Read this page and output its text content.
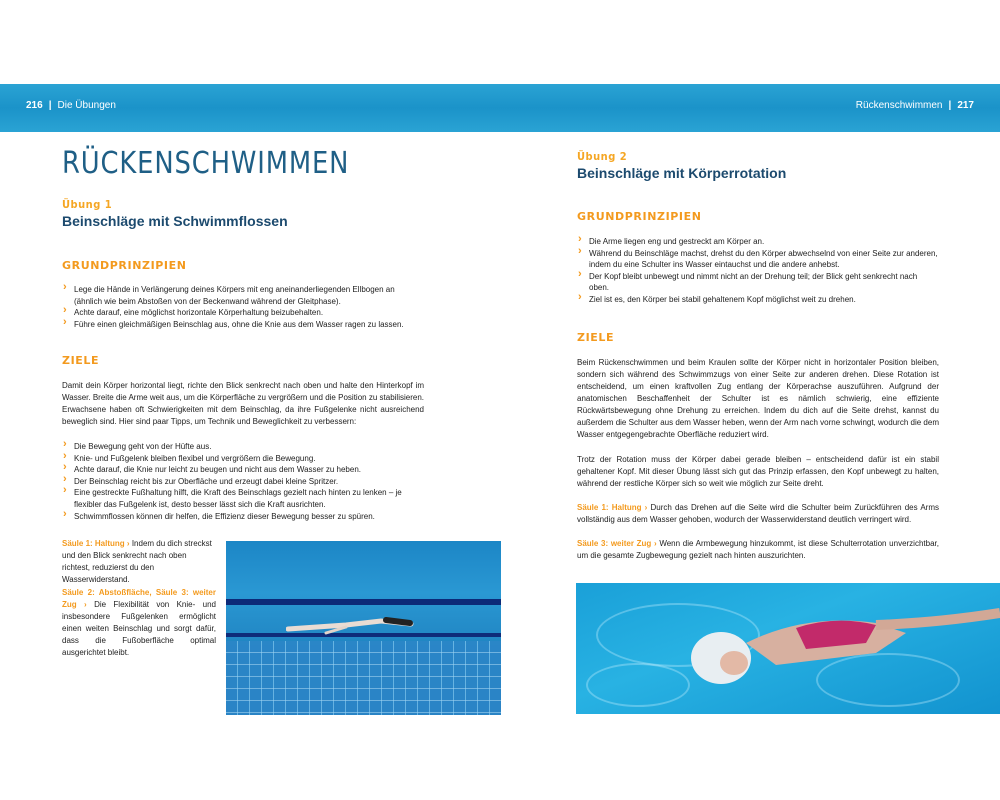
216 | Die Übungen	Rückenschwimmen | 217
RÜCKENSCHWIMMEN
Übung 1
Beinschläge mit Schwimmflossen
GRUNDPRINZIPIEN
› Lege die Hände in Verlängerung deines Körpers mit eng aneinanderliegenden Ellbogen an (ähnlich wie beim Abstoßen von der Beckenwand während der Gleitphase).
› Achte darauf, eine möglichst horizontale Körperhaltung beizubehalten.
› Führe einen gleichmäßigen Beinschlag aus, ohne die Knie aus dem Wasser ragen zu lassen.
ZIELE

Damit dein Körper horizontal liegt, richte den Blick senkrecht nach oben und halte den Hinterkopf im Wasser. Breite die Arme weit aus, um die Körperfläche zu vergrößern und die Position zu stabilisieren. Erwachsene haben oft Schwierigkeiten mit dem Beinschlag, da ihre Fußgelenke nicht ausreichend beweglich sind. Hier sind paar Tipps, um Technik und Beweglichkeit zu verbessern:

› Die Bewegung geht von der Hüfte aus.
› Knie- und Fußgelenk bleiben flexibel und vergrößern die Bewegung.
› Achte darauf, die Knie nur leicht zu beugen und nicht aus dem Wasser zu heben.
› Der Beinschlag reicht bis zur Oberfläche und erzeugt dabei kleine Spritzer.
› Eine gestreckte Fußhaltung hilft, die Kraft des Beinschlags gezielt nach hinten zu lenken – je flexibler das Fußgelenk ist, desto besser lässt sich die Kraft ausrichten.
› Schwimmflossen können dir helfen, die Effizienz dieser Bewegung besser zu spüren.

Säule 1: Haltung › Indem du dich streckst und den Blick senkrecht nach oben richtest, reduzierst du den Wasserwiderstand.

Säule 2: Abstoßfläche, Säule 3: weiter Zug › Die Flexibilität von Knie- und insbesondere Fußgelenken ermöglicht einen weiten Beinschlag und sorgt dafür, dass die Fußoberfläche optimal ausgerichtet bleibt.

Übung 2
Beinschläge mit Körperrotation
GRUNDPRINZIPIEN
› Die Arme liegen eng und gestreckt am Körper an.
› Während du Beinschläge machst, drehst du den Körper abwechselnd von einer Seite zur anderen, indem du eine Schulter ins Wasser eintauchst und die andere anhebst.
› Der Kopf bleibt unbewegt und nimmt nicht an der Drehung teil; der Blick geht senkrecht nach oben.
› Ziel ist es, den Körper bei stabil gehaltenem Kopf möglichst weit zu drehen.
ZIELE

Beim Rückenschwimmen und beim Kraulen sollte der Körper nicht in horizontaler Position bleiben, sondern sich während des Schwimmzugs von einer Seite zur anderen drehen. Diese Rotation ist entscheidend, um einen kraftvollen Zug entlang der Körperachse auszuführen. Aufgrund der anatomischen Beschaffenheit der Schulter ist es nämlich schwierig, eine effiziente Rückwärtsbewegung ohne Drehung zu erreichen. Indem du dich auf die Seite drehst, kannst du außerdem die Schulter aus dem Wasser heben, wenn der Arm nach vorne schwingt, wodurch die dem Wasser entgegengebrachte Oberfläche reduziert wird.

Trotz der Rotation muss der Körper dabei gerade bleiben – entscheidend dafür ist ein stabil gehaltener Kopf. Mit dieser Übung lässt sich gut das Prinzip erfassen, den Kopf unbewegt zu halten, während der restliche Körper sich so weit wie möglich zur Seite dreht.

Säule 1: Haltung › Durch das Drehen auf die Seite wird die Schulter beim Zurückführen des Arms vollständig aus dem Wasser gehoben, wodurch der Wasserwiderstand deutlich verringert wird.

Säule 3: weiter Zug › Wenn die Armbewegung hinzukommt, ist diese Schulterrotation unverzichtbar, um die gesamte Zugbewegung gezielt nach hinten auszurichten.
